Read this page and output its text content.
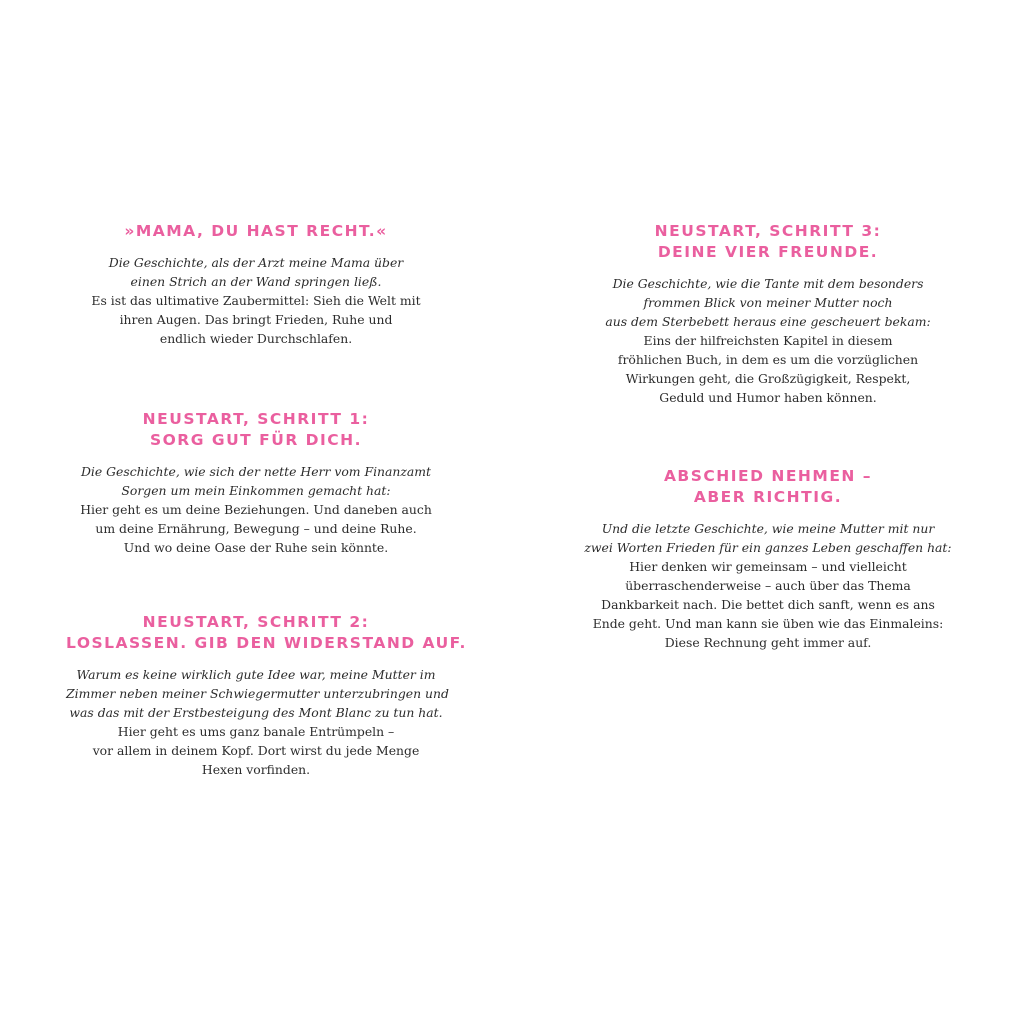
»MAMA, DU HAST RECHT.«
Die Geschichte, als der Arzt meine Mama über
einen Strich an der Wand springen ließ.
Es ist das ultimative Zaubermittel: Sieh die Welt mit
ihren Augen. Das bringt Frieden, Ruhe und
endlich wieder Durchschlafen.
NEUSTART, SCHRITT 1:
SORG GUT FÜR DICH.
Die Geschichte, wie sich der nette Herr vom Finanzamt
Sorgen um mein Einkommen gemacht hat:
Hier geht es um deine Beziehungen. Und daneben auch
um deine Ernährung, Bewegung – und deine Ruhe.
Und wo deine Oase der Ruhe sein könnte.
NEUSTART, SCHRITT 2:
LOSLASSEN. GIB DEN WIDERSTAND AUF.
Warum es keine wirklich gute Idee war, meine Mutter im
Zimmer neben meiner Schwiegermutter unterzubringen und
was das mit der Erstbesteigung des Mont Blanc zu tun hat.
Hier geht es ums ganz banale Entrümpeln –
vor allem in deinem Kopf. Dort wirst du jede Menge
Hexen vorfinden.
NEUSTART, SCHRITT 3:
DEINE VIER FREUNDE.
Die Geschichte, wie die Tante mit dem besonders
frommen Blick von meiner Mutter noch
aus dem Sterbebett heraus eine gescheuert bekam:
Eins der hilfreichsten Kapitel in diesem
fröhlichen Buch, in dem es um die vorzüglichen
Wirkungen geht, die Großzügigkeit, Respekt,
Geduld und Humor haben können.
ABSCHIED NEHMEN –
ABER RICHTIG.
Und die letzte Geschichte, wie meine Mutter mit nur
zwei Worten Frieden für ein ganzes Leben geschaffen hat:
Hier denken wir gemeinsam – und vielleicht
überraschenderweise – auch über das Thema
Dankbarkeit nach. Die bettet dich sanft, wenn es ans
Ende geht. Und man kann sie üben wie das Einmaleins:
Diese Rechnung geht immer auf.
